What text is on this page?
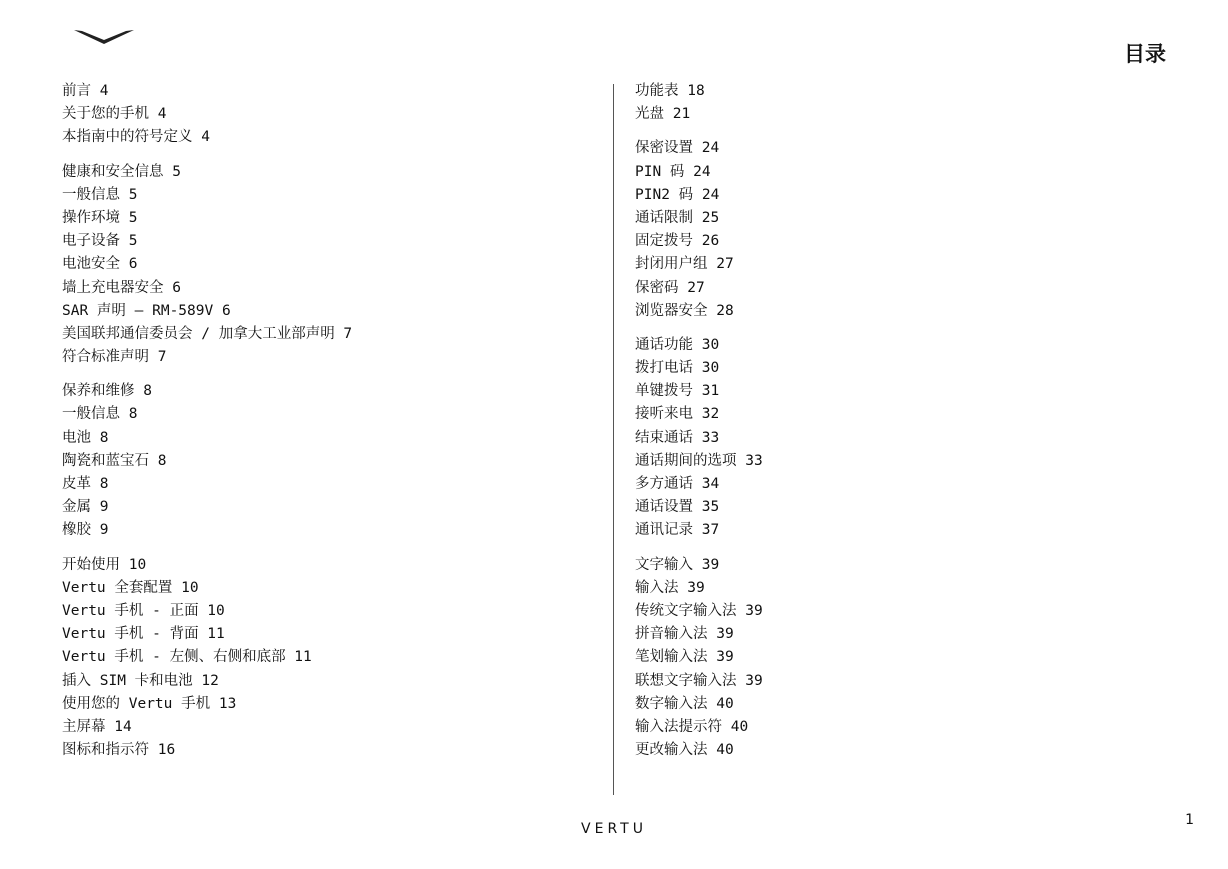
目录
前言 4
关于您的手机 4
本指南中的符号定义 4
健康和安全信息 5
一般信息 5
操作环境 5
电子设备 5
电池安全 6
墙上充电器安全 6
SAR 声明 — RM-589V 6
美国联邦通信委员会 / 加拿大工业部声明 7
符合标准声明 7
保养和维修 8
一般信息 8
电池 8
陶瓷和蓝宝石 8
皮革 8
金属 9
橡胶 9
开始使用 10
Vertu 全套配置 10
Vertu 手机 - 正面 10
Vertu 手机 - 背面 11
Vertu 手机 - 左侧、右侧和底部 11
插入 SIM 卡和电池 12
使用您的 Vertu 手机 13
主屏幕 14
图标和指示符 16
功能表 18
光盘 21
保密设置 24
PIN 码 24
PIN2 码 24
通话限制 25
固定拨号 26
封闭用户组 27
保密码 27
浏览器安全 28
通话功能 30
拨打电话 30
单键拨号 31
接听来电 32
结束通话 33
通话期间的选项 33
多方通话 34
通话设置 35
通讯记录 37
文字输入 39
输入法 39
传统文字输入法 39
拼音输入法 39
笔划输入法 39
联想文字输入法 39
数字输入法 40
输入法提示符 40
更改输入法 40
VERTU
1
